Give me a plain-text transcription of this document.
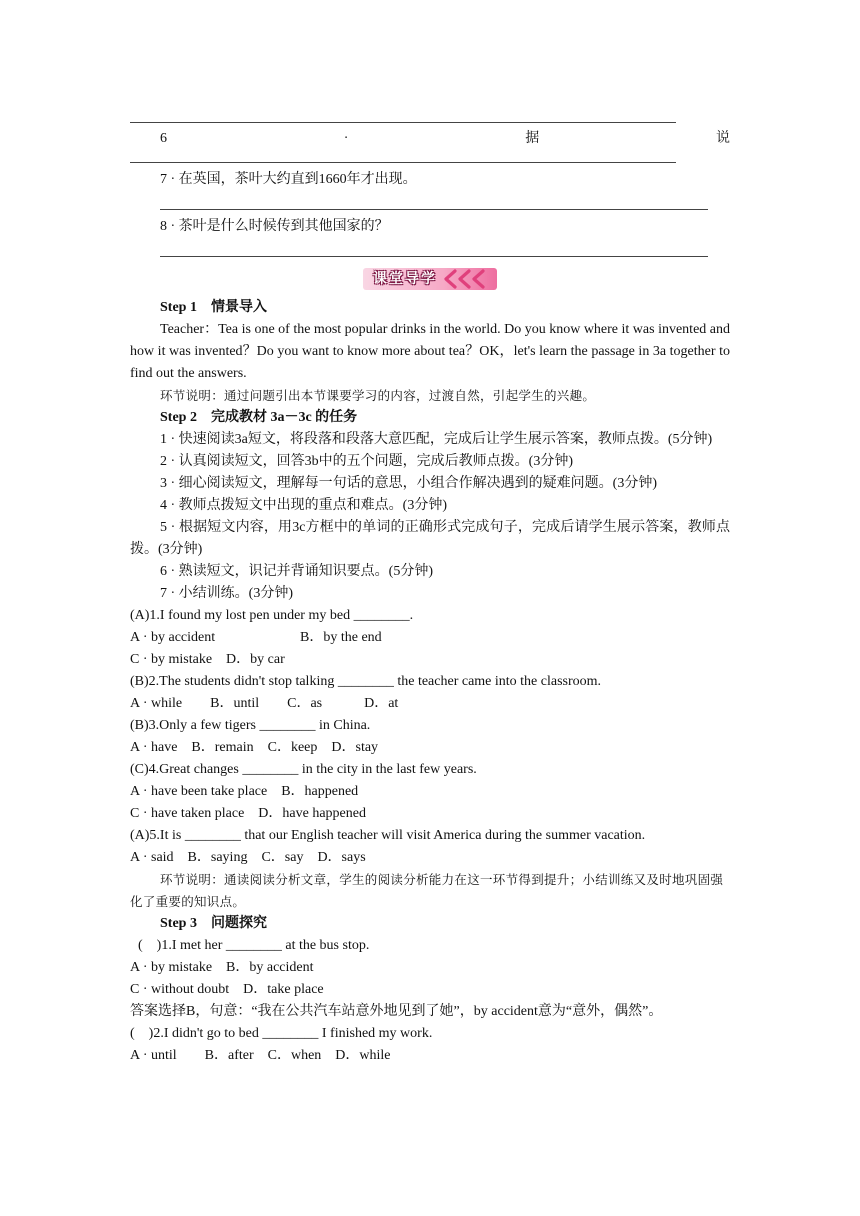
6	·	据	说
7 · 在英国，茶叶大约直到1660年才出现。
8 · 茶叶是什么时候传到其他国家的？
课堂导学
Step 1　情景导入
Teacher：Tea is one of the most popular drinks in the world. Do you know where it was invented and how it was invented？Do you want to know more about tea？OK，let's learn the passage in 3a together to find out the answers.
环节说明：通过问题引出本节课要学习的内容，过渡自然，引起学生的兴趣。
Step 2　完成教材 3a－3c 的任务
1 · 快速阅读3a短文，将段落和段落大意匹配，完成后让学生展示答案，教师点拨。(5分钟)
2 · 认真阅读短文，回答3b中的五个问题，完成后教师点拨。(3分钟)
3 · 细心阅读短文，理解每一句话的意思，小组合作解决遇到的疑难问题。(3分钟)
4 · 教师点拨短文中出现的重点和难点。(3分钟)
5 · 根据短文内容，用3c方框中的单词的正确形式完成句子，完成后请学生展示答案，教师点拨。(3分钟)
6 · 熟读短文，识记并背诵知识要点。(5分钟)
7 · 小结训练。(3分钟)
(A)1.I found my lost pen under my bed ________.
A · by accident	B．by the end
C · by mistake　D．by car
(B)2.The students didn't stop talking ________ the teacher came into the classroom.
A · while　　B．until　　C．as　　　D．at
(B)3.Only a few tigers ________ in China.
A · have　B．remain　C．keep　D．stay
(C)4.Great changes ________ in the city in the last few years.
A · have been take place　B．happened
C · have taken place　D．have happened
(A)5.It is ________ that our English teacher will visit America during the summer vacation.
A · said　B．saying　C．say　D．says
环节说明：通读阅读分析文章，学生的阅读分析能力在这一环节得到提升；小结训练又及时地巩固强化了重要的知识点。
Step 3　问题探究
(　)1.I met her ________ at the bus stop.
A · by mistake　B．by accident
C · without doubt　D．take place
答案选择B，句意：“我在公共汽车站意外地见到了她”，by accident意为“意外，偶然”。
(　)2.I didn't go to bed ________ I finished my work.
A · until　　B．after　C．when　D．while
